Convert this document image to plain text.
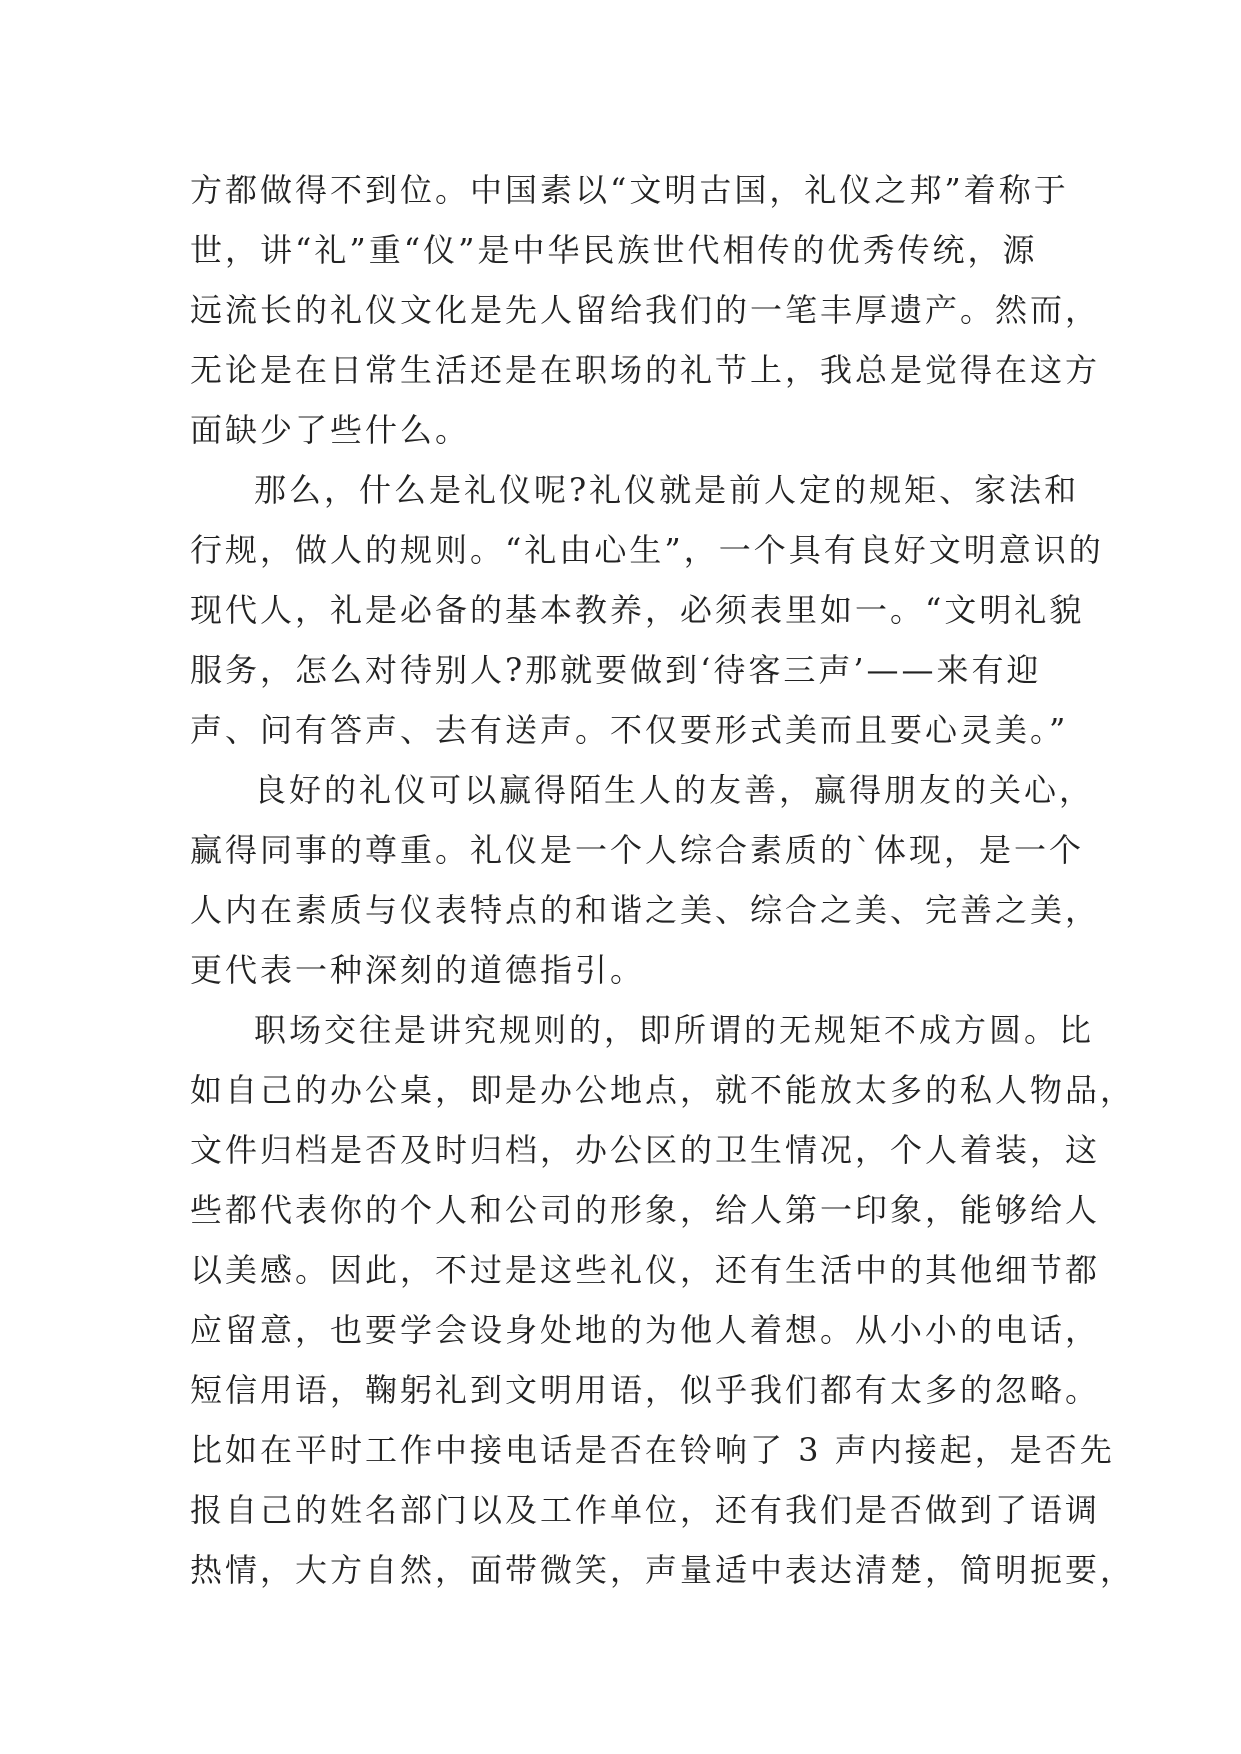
方都做得不到位。中国素以“文明古国，礼仪之邦”着称于
世，讲“礼”重“仪”是中华民族世代相传的优秀传统，源
远流长的礼仪文化是先人留给我们的一笔丰厚遗产。然而，
无论是在日常生活还是在职场的礼节上，我总是觉得在这方
面缺少了些什么。
那么，什么是礼仪呢?礼仪就是前人定的规矩、家法和
行规，做人的规则。“礼由心生”，一个具有良好文明意识的
现代人，礼是必备的基本教养，必须表里如一。“文明礼貌
服务，怎么对待别人?那就要做到‘待客三声’——来有迎
声、问有答声、去有送声。不仅要形式美而且要心灵美。”
良好的礼仪可以赢得陌生人的友善，赢得朋友的关心，
赢得同事的尊重。礼仪是一个人综合素质的`体现，是一个
人内在素质与仪表特点的和谐之美、综合之美、完善之美，
更代表一种深刻的道德指引。
职场交往是讲究规则的，即所谓的无规矩不成方圆。比
如自己的办公桌，即是办公地点，就不能放太多的私人物品，
文件归档是否及时归档，办公区的卫生情况，个人着装，这
些都代表你的个人和公司的形象，给人第一印象，能够给人
以美感。因此，不过是这些礼仪，还有生活中的其他细节都
应留意，也要学会设身处地的为他人着想。从小小的电话，
短信用语，鞠躬礼到文明用语，似乎我们都有太多的忽略。
比如在平时工作中接电话是否在铃响了 3 声内接起，是否先
报自己的姓名部门以及工作单位，还有我们是否做到了语调
热情，大方自然，面带微笑，声量适中表达清楚，简明扼要，
